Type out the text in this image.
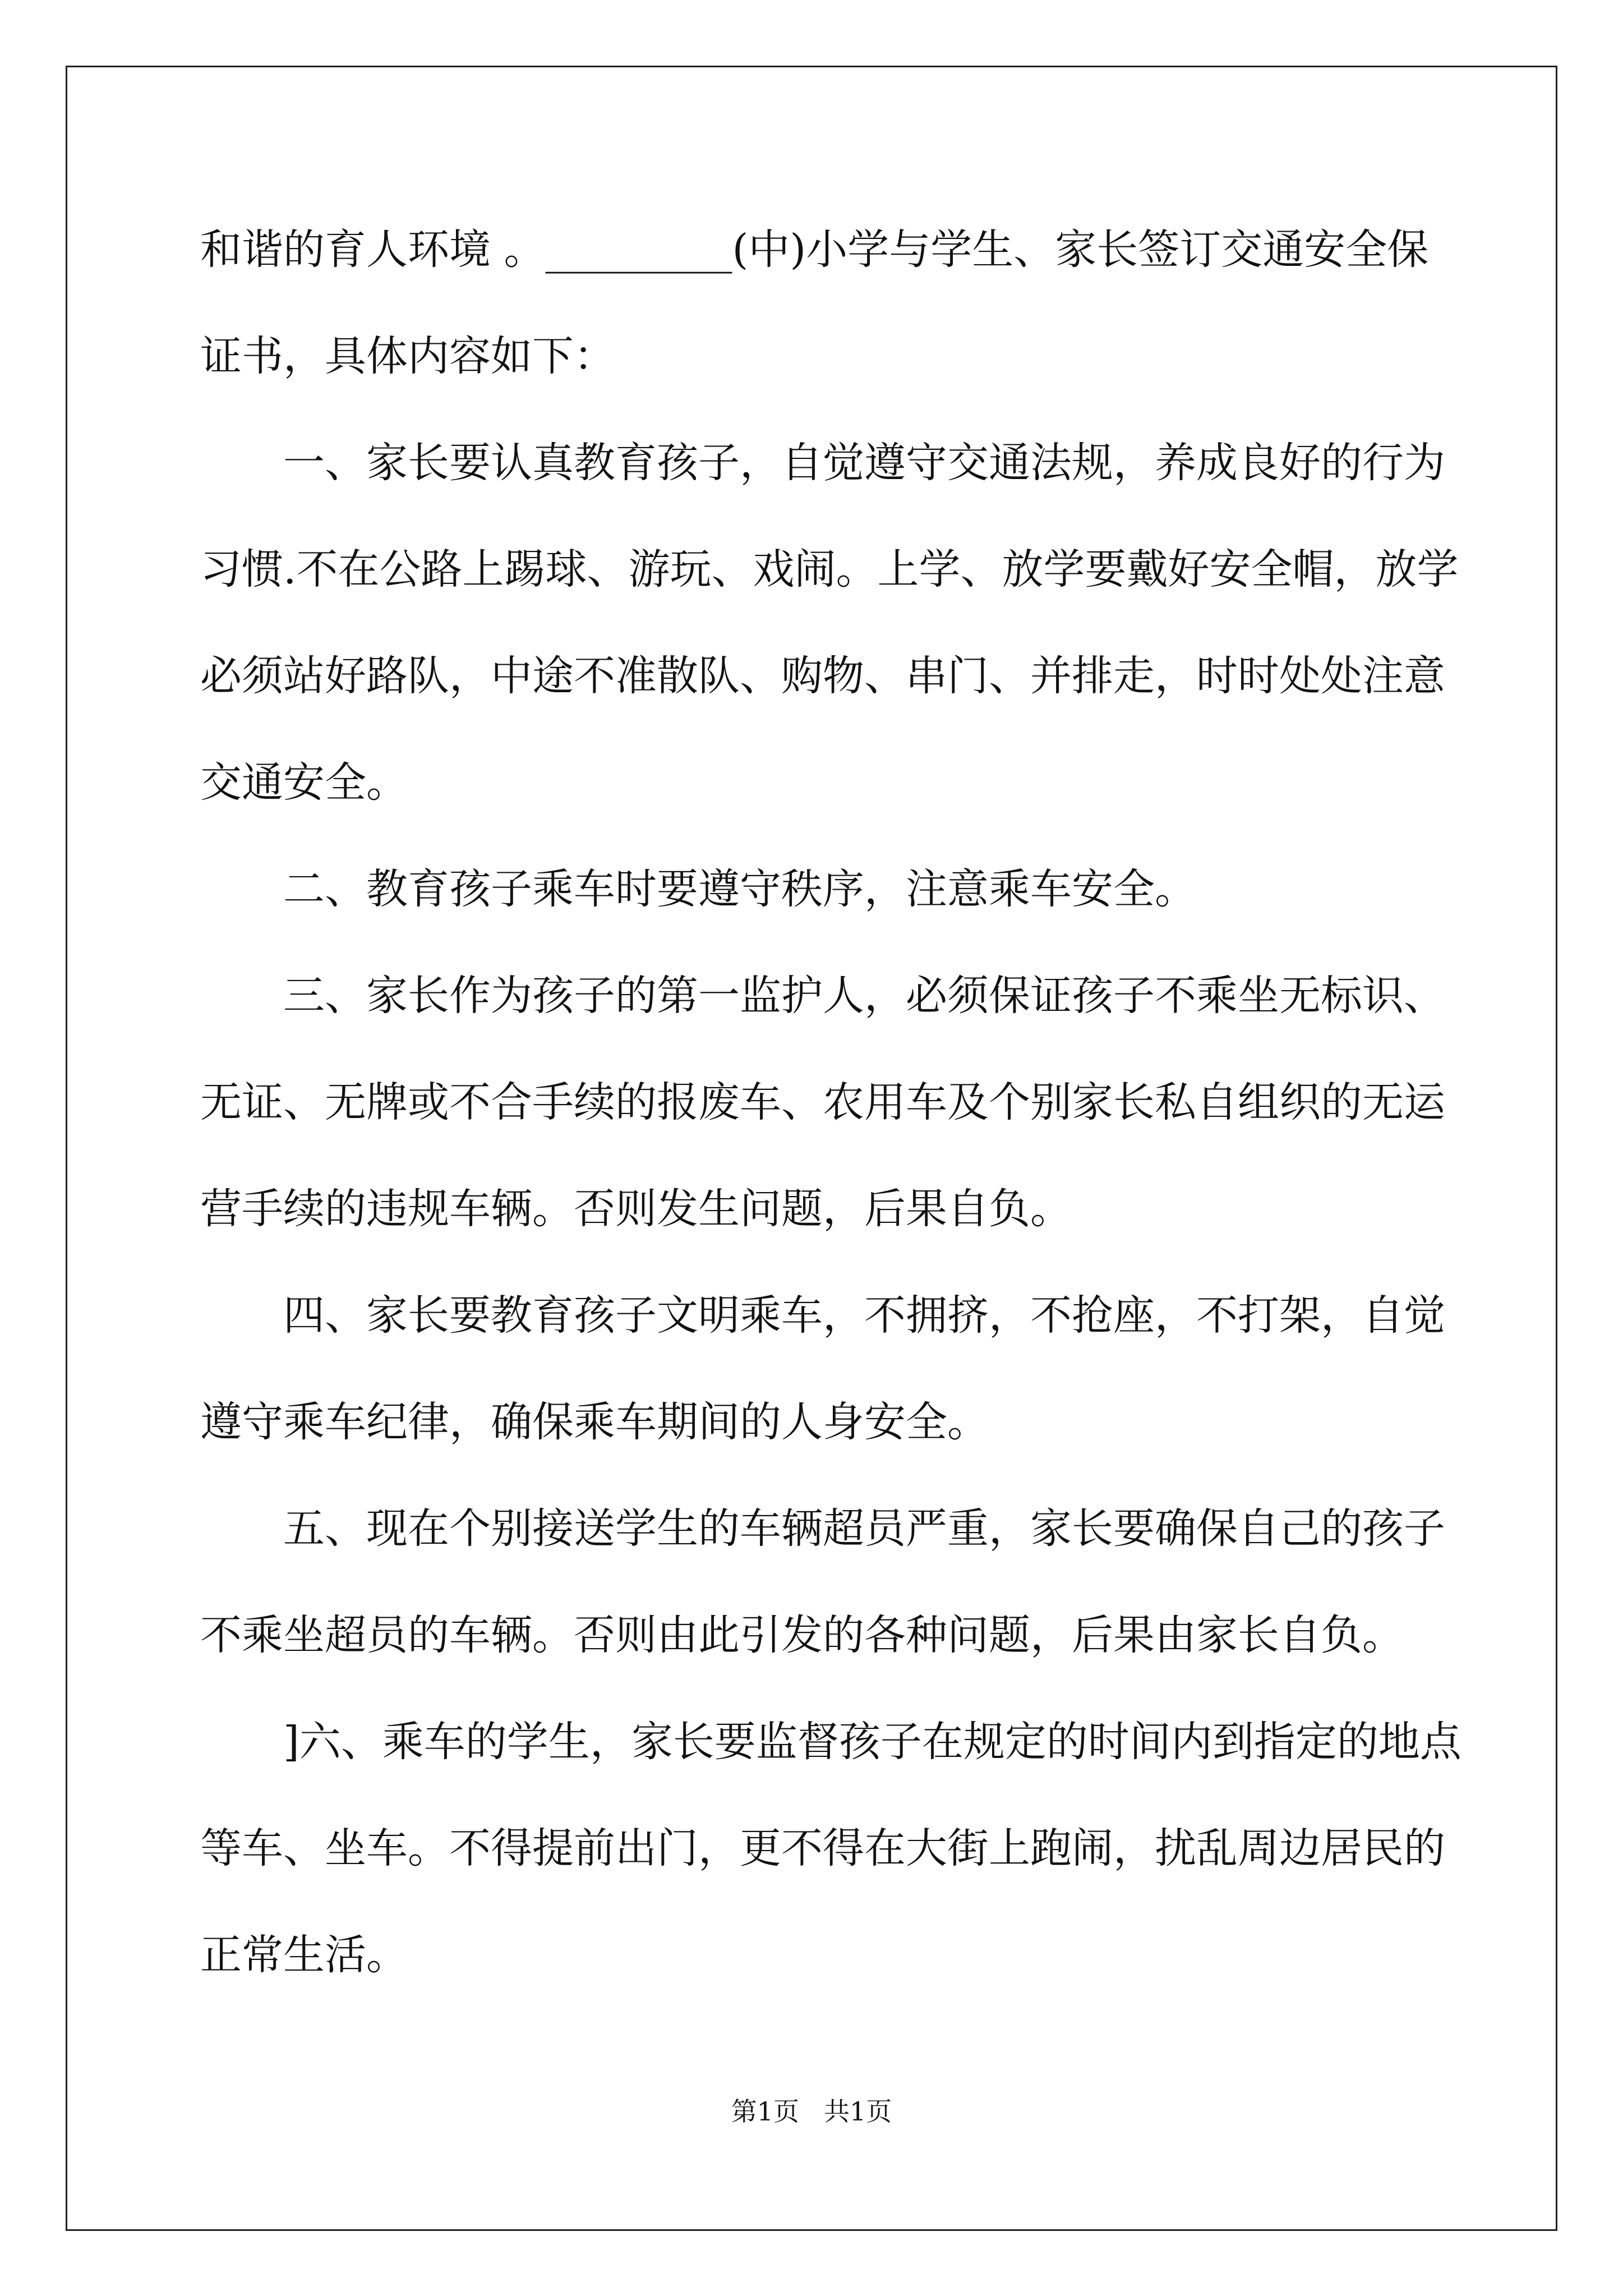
和谐的育人环境 。_________(中)小学与学生、家长签订交通安全保
证书，具体内容如下：
一、家长要认真教育孩子，自觉遵守交通法规，养成良好的行为
习惯.不在公路上踢球、游玩、戏闹。上学、放学要戴好安全帽，放学
必须站好路队，中途不准散队、购物、串门、并排走，时时处处注意
交通安全。
二、教育孩子乘车时要遵守秩序，注意乘车安全。
三、家长作为孩子的第一监护人，必须保证孩子不乘坐无标识、
无证、无牌或不合手续的报废车、农用车及个别家长私自组织的无运
营手续的违规车辆。否则发生问题，后果自负。
四、家长要教育孩子文明乘车，不拥挤，不抢座，不打架，自觉
遵守乘车纪律，确保乘车期间的人身安全。
五、现在个别接送学生的车辆超员严重，家长要确保自己的孩子
不乘坐超员的车辆。否则由此引发的各种问题，后果由家长自负。
]六、乘车的学生，家长要监督孩子在规定的时间内到指定的地点
等车、坐车。不得提前出门，更不得在大街上跑闹，扰乱周边居民的
正常生活。
第1页 共1页
